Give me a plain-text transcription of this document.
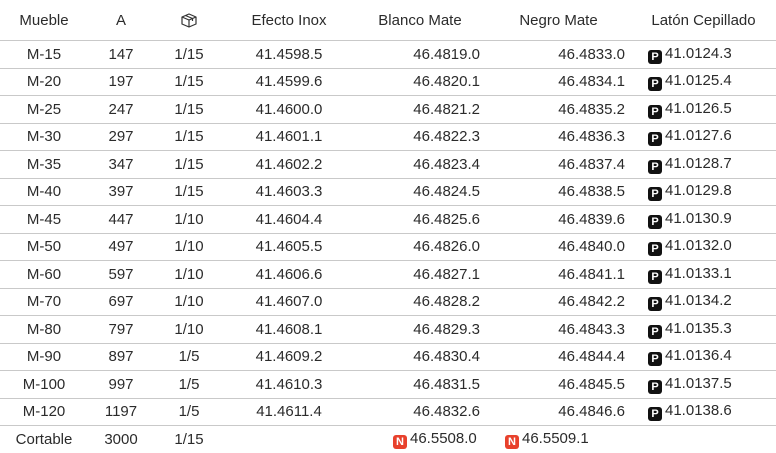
Mueble	A		Efecto Inox	Blanco Mate	Negro Mate	Latón Cepillado
M-15	147	1/15	41.4598.5	46.4819.0	46.4833.0	P 41.0124.3
M-20	197	1/15	41.4599.6	46.4820.1	46.4834.1	P 41.0125.4
M-25	247	1/15	41.4600.0	46.4821.2	46.4835.2	P 41.0126.5
M-30	297	1/15	41.4601.1	46.4822.3	46.4836.3	P 41.0127.6
M-35	347	1/15	41.4602.2	46.4823.4	46.4837.4	P 41.0128.7
M-40	397	1/15	41.4603.3	46.4824.5	46.4838.5	P 41.0129.8
M-45	447	1/10	41.4604.4	46.4825.6	46.4839.6	P 41.0130.9
M-50	497	1/10	41.4605.5	46.4826.0	46.4840.0	P 41.0132.0
M-60	597	1/10	41.4606.6	46.4827.1	46.4841.1	P 41.0133.1
M-70	697	1/10	41.4607.0	46.4828.2	46.4842.2	P 41.0134.2
M-80	797	1/10	41.4608.1	46.4829.3	46.4843.3	P 41.0135.3
M-90	897	1/5	41.4609.2	46.4830.4	46.4844.4	P 41.0136.4
M-100	997	1/5	41.4610.3	46.4831.5	46.4845.5	P 41.0137.5
M-120	1197	1/5	41.4611.4	46.4832.6	46.4846.6	P 41.0138.6
Cortable	3000	1/15		N 46.5508.0	N 46.5509.1	
